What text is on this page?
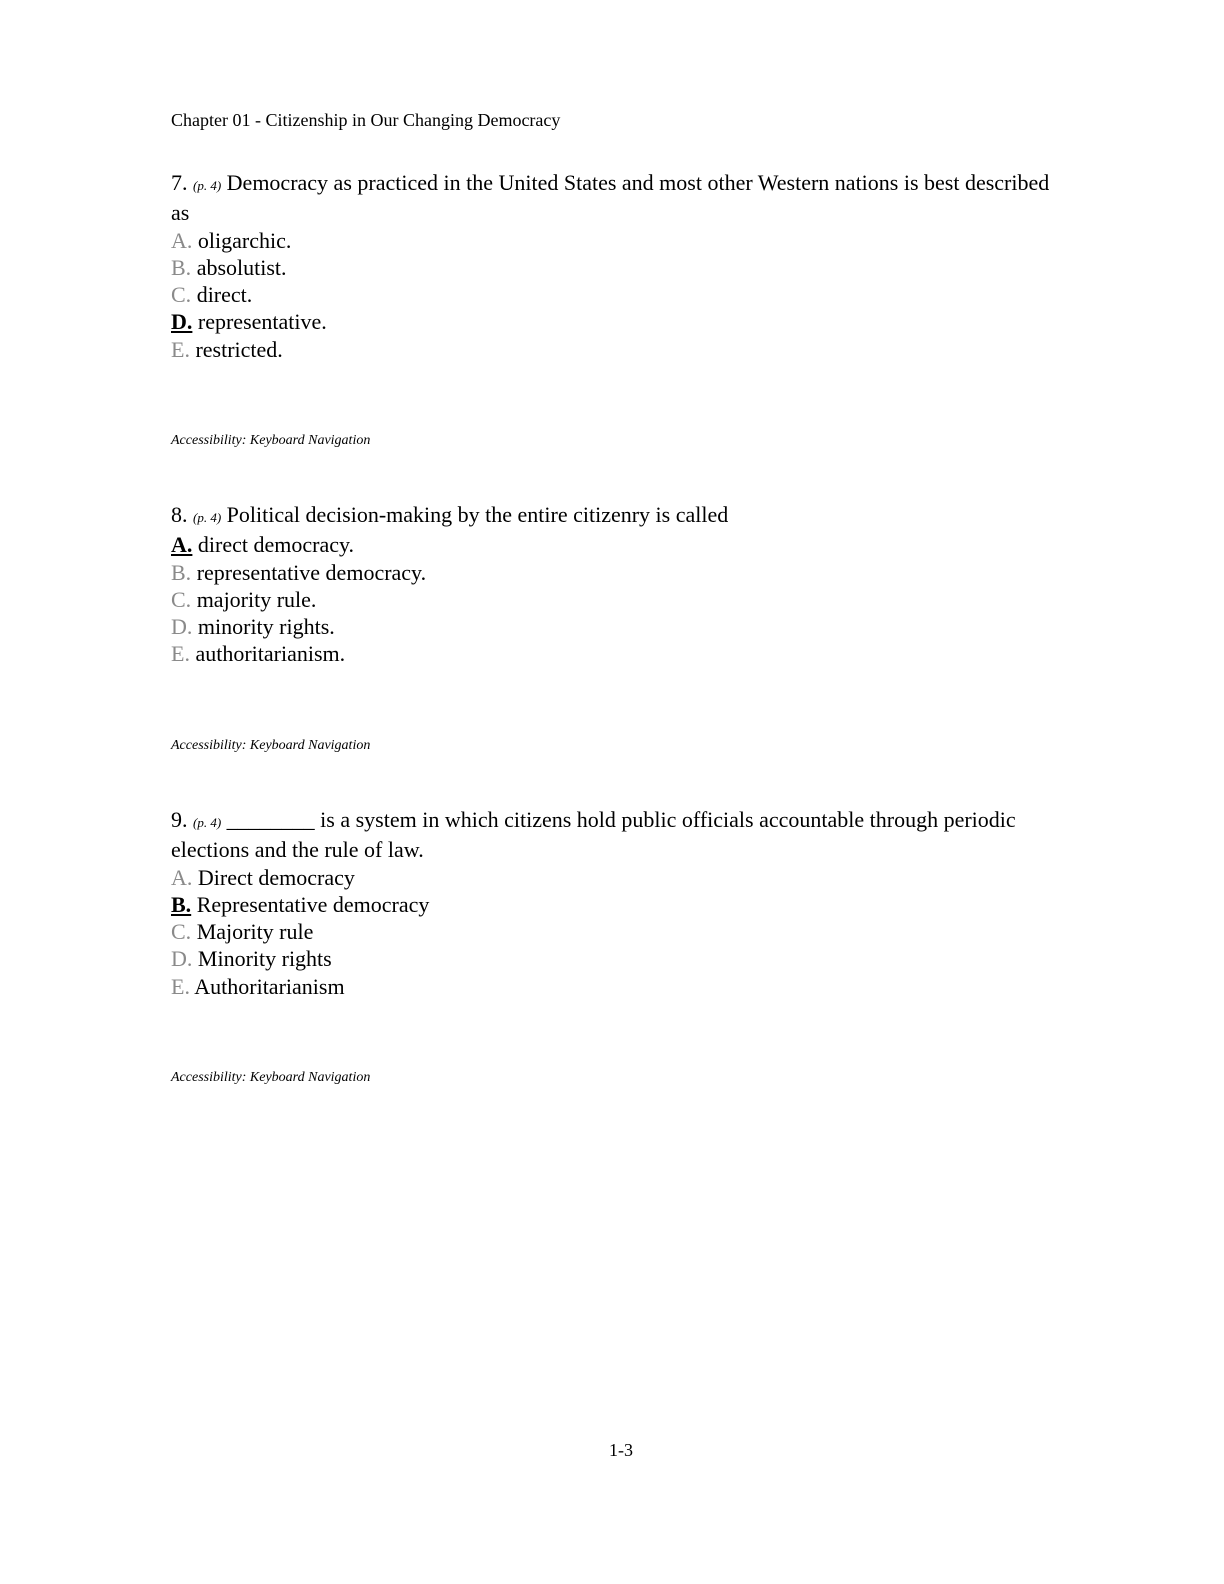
Chapter 01 - Citizenship in Our Changing Democracy

7. (p. 4) Democracy as practiced in the United States and most other Western nations is best described as

A. oligarchic.
B. absolutist.
C. direct.
D. representative.
E. restricted.
Accessibility: Keyboard Navigation

8. (p. 4) Political decision-making by the entire citizenry is called

A. direct democracy.
B. representative democracy.
C. majority rule.
D. minority rights.
E. authoritarianism.
Accessibility: Keyboard Navigation

9. (p. 4) ________ is a system in which citizens hold public officials accountable through periodic elections and the rule of law.

A. Direct democracy
B. Representative democracy
C. Majority rule
D. Minority rights
E. Authoritarianism
Accessibility: Keyboard Navigation
1-3
